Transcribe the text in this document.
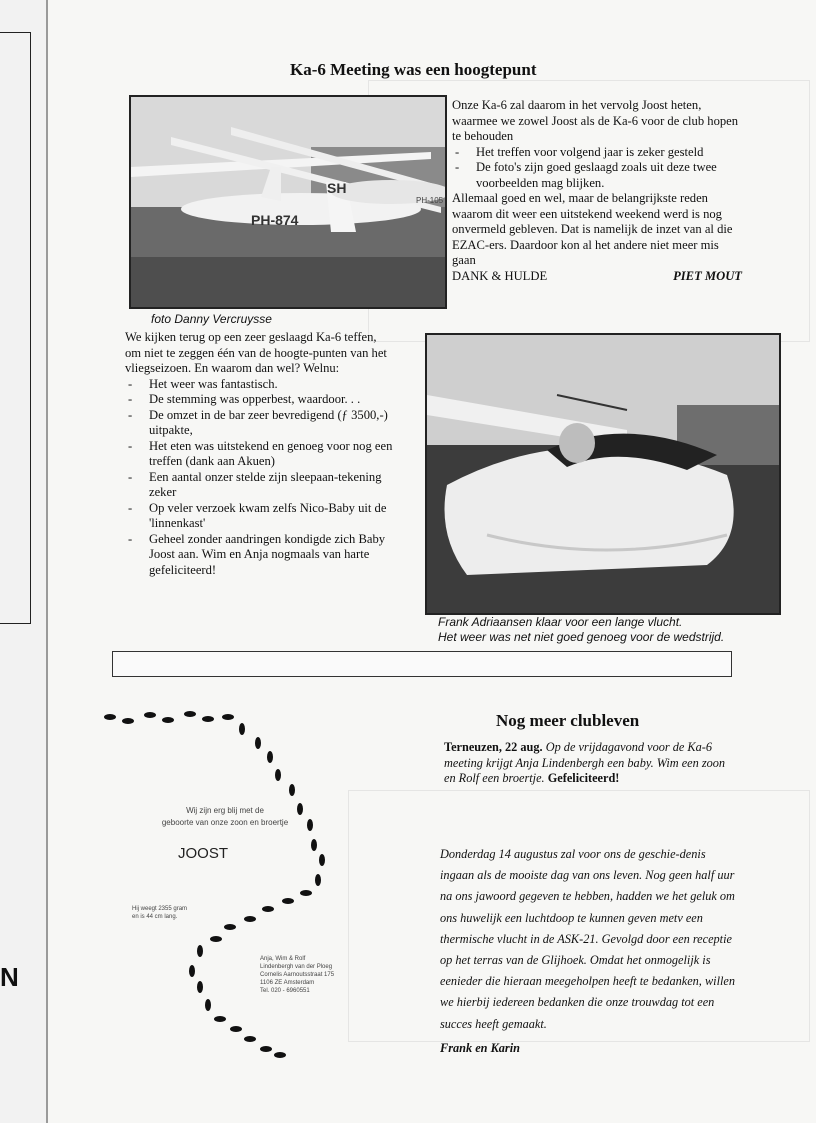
N
Ka-6 Meeting was een hoogtepunt
PH-874
SH
PH-105
foto Danny Vercruysse

Onze Ka-6 zal daarom in het vervolg Joost heten, waarmee we zowel Joost als de Ka-6 voor de club hopen te behouden

- Het treffen voor volgend jaar is zeker gesteld
- De foto's zijn goed geslaagd zoals uit deze twee voorbeelden mag blijken.

Allemaal goed en wel, maar de belangrijkste reden waarom dit weer een uitstekend weekend werd is nog onvermeld gebleven. Dat is namelijk de inzet van al die EZAC-ers. Daardoor kon al het andere niet meer mis gaan

DANK & HULDE	PIET MOUT

We kijken terug op een zeer geslaagd Ka-6 teffen, om niet te zeggen één van de hoogte-punten van het vliegseizoen. En waarom dan wel? Welnu:

- Het weer was fantastisch.
- De stemming was opperbest, waardoor. . .
- De omzet in de bar zeer bevredigend (ƒ 3500,-) uitpakte,
- Het eten was uitstekend en genoeg voor nog een treffen (dank aan Akuen)
- Een aantal onzer stelde zijn sleepaan-tekening zeker
- Op veler verzoek kwam zelfs Nico-Baby uit de 'linnenkast'
- Geheel zonder aandringen kondigde zich Baby Joost aan. Wim en Anja nogmaals van harte gefeliciteerd!
Frank Adriaansen klaar voor een lange vlucht.
Het weer was net niet goed genoeg voor de wedstrijd.
Wij zijn erg blij met de
geboorte van onze zoon en broertje
JOOST
Hij weegt 2355 gram
en is 44 cm lang.
Anja, Wim & Rolf
Lindenbergh van der Ploeg
Cornelis Aarnoutsstraat 175
1106 ZE Amsterdam
Tel. 020 - 6960551
Nog meer clubleven
Terneuzen, 22 aug. Op de vrijdagavond voor de Ka-6 meeting krijgt Anja Lindenbergh een baby. Wim een zoon en Rolf een broertje. Gefeliciteerd!
Donderdag 14 augustus zal voor ons de geschie-denis ingaan als de mooiste dag van ons leven. Nog geen half uur na ons jawoord gegeven te hebben, hadden we het geluk om ons huwelijk een luchtdoop te kunnen geven metv een thermische vlucht in de ASK-21. Gevolgd door een receptie op het terras van de Glijhoek. Omdat het onmogelijk is eenieder die hieraan meegeholpen heeft te bedanken, willen we hierbij iedereen bedanken die onze trouwdag tot een succes heeft gemaakt.
Frank en Karin
